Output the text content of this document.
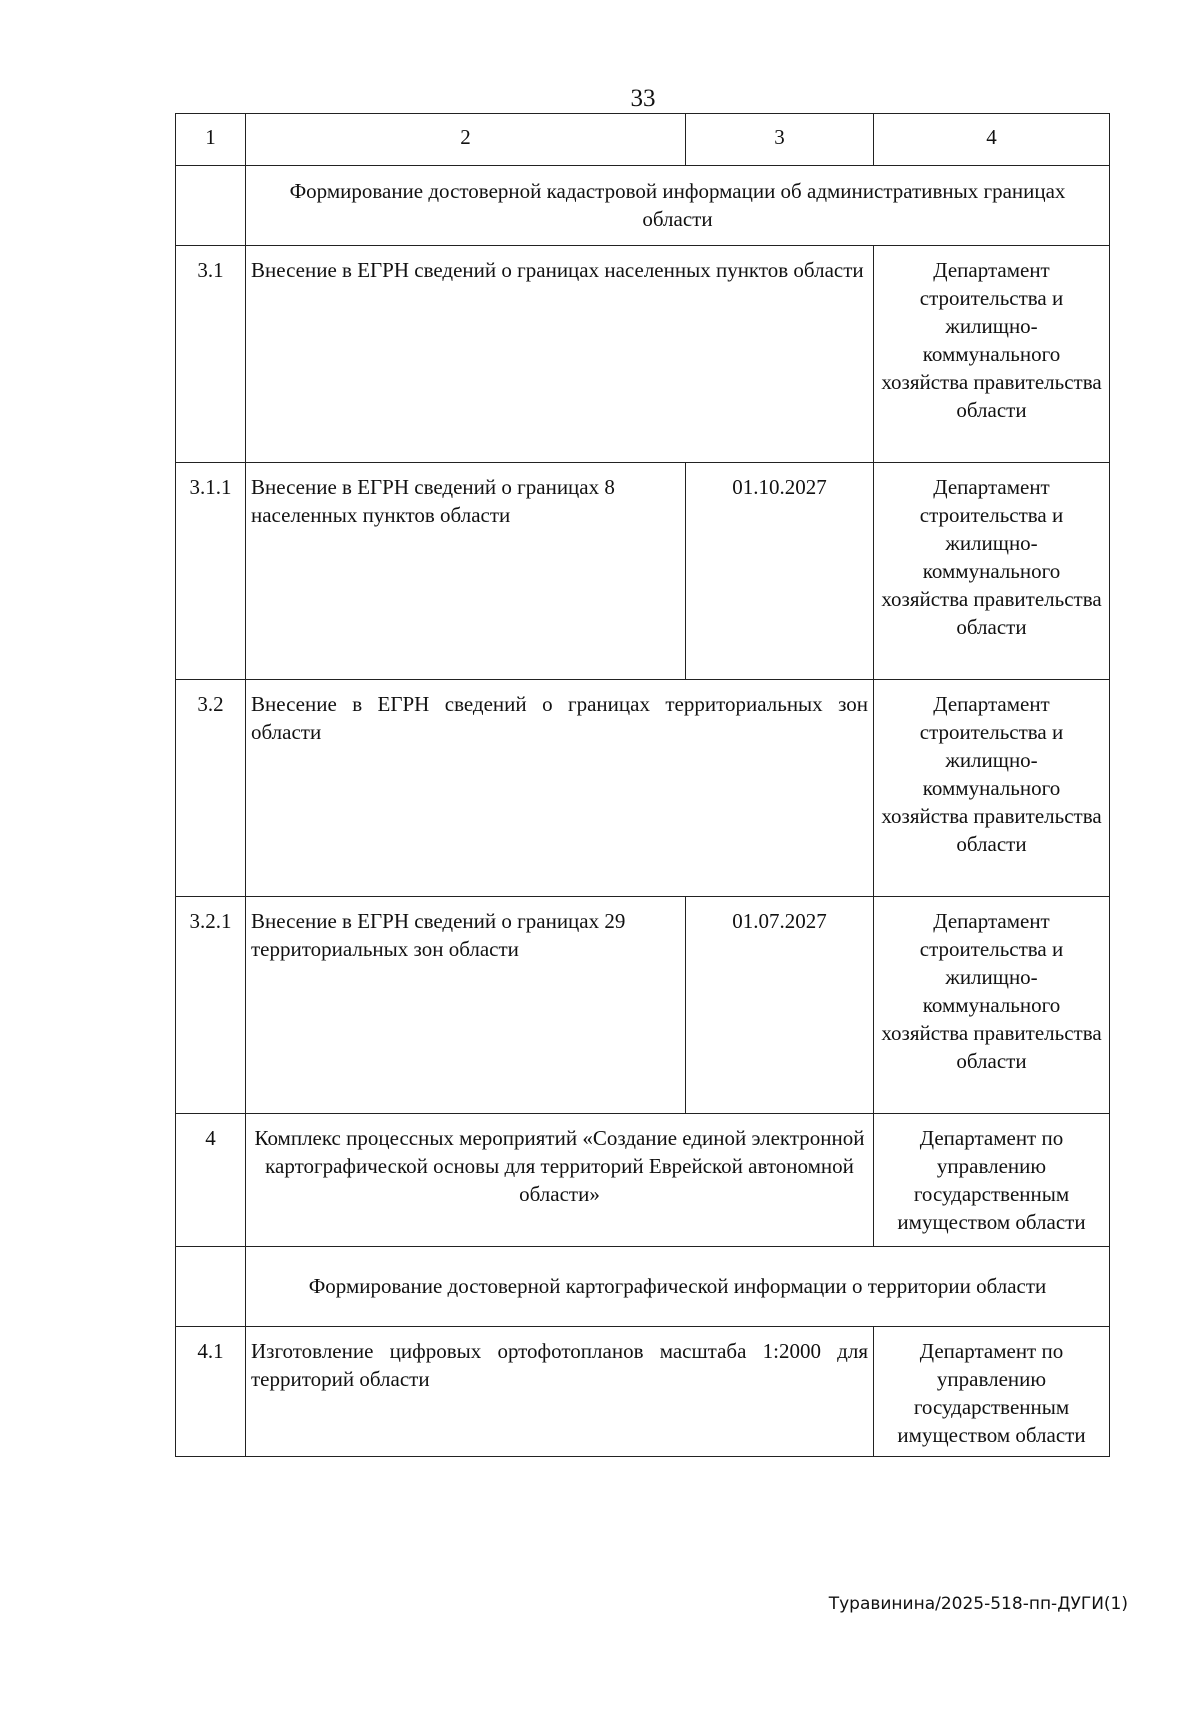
33
1	2	3	4
	Формирование достоверной кадастровой информации об административных границах области		
3.1	Внесение в ЕГРН сведений о границах населенных пунктов области		Департамент строительства и жилищно-коммунального хозяйства правительства области
3.1.1	Внесение в ЕГРН сведений о границах 8 населенных пунктов области	01.10.2027	Департамент строительства и жилищно-коммунального хозяйства правительства области
3.2	Внесение в ЕГРН сведений о границах территориальных зон области		Департамент строительства и жилищно-коммунального хозяйства правительства области
3.2.1	Внесение в ЕГРН сведений о границах 29 территориальных зон области	01.07.2027	Департамент строительства и жилищно-коммунального хозяйства правительства области
4	Комплекс процессных мероприятий «Создание единой электронной картографической основы для территорий Еврейской автономной области»		Департамент по управлению государственным имуществом области
	Формирование достоверной картографической информации о территории области		
4.1	Изготовление цифровых ортофотопланов масштаба 1:2000 для территорий области		Департамент по управлению государственным имуществом области
Туравинина/2025-518-пп-ДУГИ(1)
